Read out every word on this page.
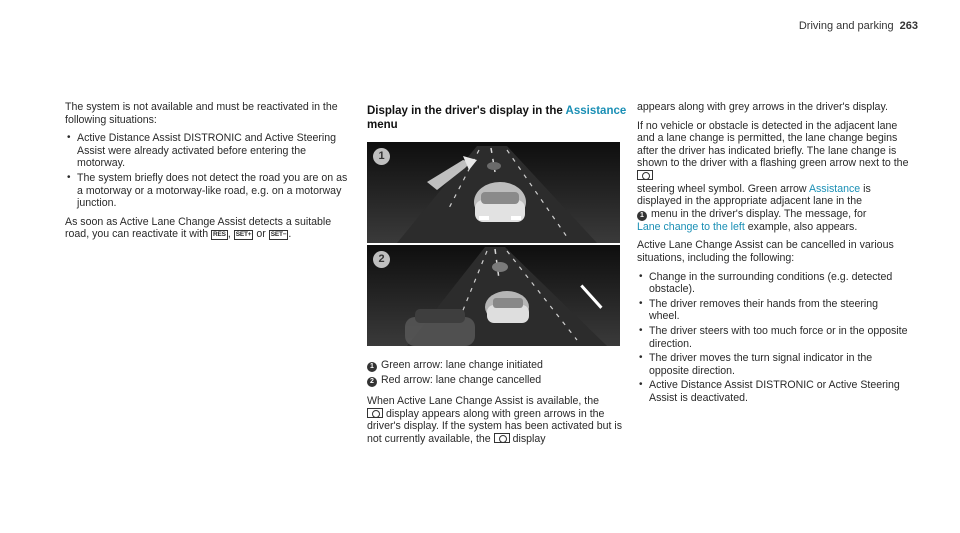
Driving and parking 263

The system is not available and must be reactivated in the following situations:

• Active Distance Assist DISTRONIC and Active Steering Assist were already activated before entering the motorway.
• The system briefly does not detect the road you are on as a motorway or a motorway-like road, e.g. on a motorway junction.

As soon as Active Lane Change Assist detects a suitable road, you can reactivate it with RES , SET+ or SET− .

Display in the driver's display in the Assistance
menu
1
2

1 Green arrow: lane change initiated

2 Red arrow: lane change cancelled

When Active Lane Change Assist is available, the
display appears along with green arrows in the driver's display. If the system has been activated but is not currently available, the display

appears along with grey arrows in the driver's display.

If no vehicle or obstacle is detected in the adjacent lane and a lane change is permitted, the lane change begins after the driver has indicated briefly. The lane change is shown to the driver with a flashing green arrow next to the
steering wheel symbol. Green arrow Assistance is displayed in the appropriate adjacent lane in the
1 menu in the driver's display. The message, for
Lane change to the left example, also appears.

Active Lane Change Assist can be cancelled in various situations, including the following:

• Change in the surrounding conditions (e.g. detected obstacle).
• The driver removes their hands from the steering wheel.
• The driver steers with too much force or in the opposite direction.
• The driver moves the turn signal indicator in the opposite direction.
• Active Distance Assist DISTRONIC or Active Steering Assist is deactivated.
